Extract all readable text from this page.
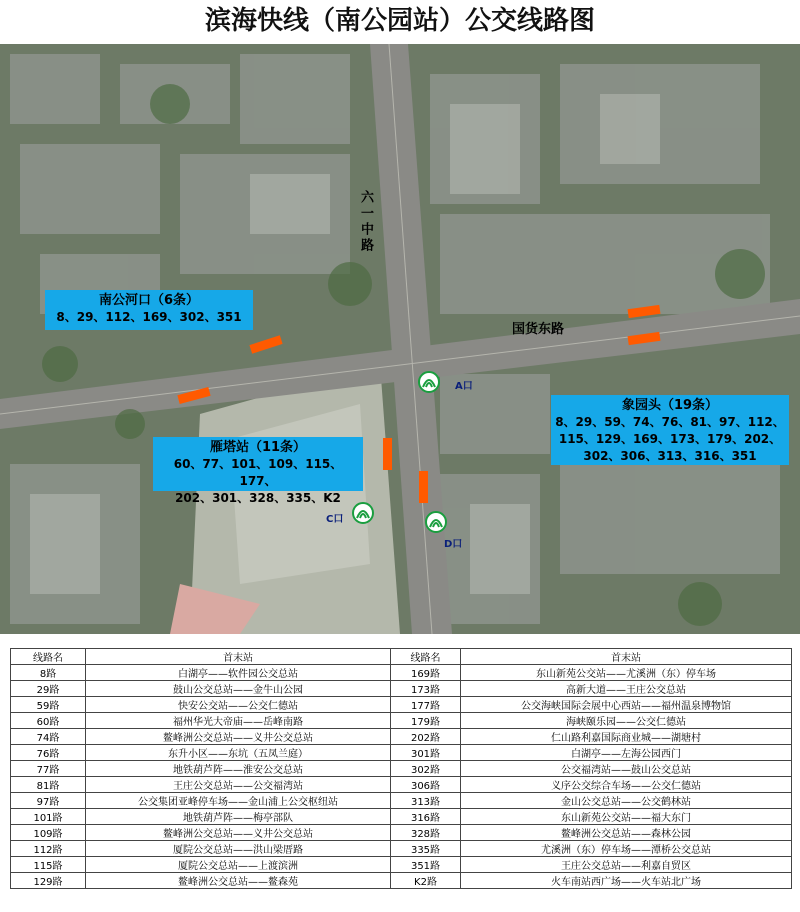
滨海快线（南公园站）公交线路图
六一中路
国货东路
南公河口（6条）
8、29、112、169、302、351
象园头（19条）
8、29、59、74、76、81、97、112、
115、129、169、173、179、202、
302、306、313、316、351
雁塔站（11条）
60、77、101、109、115、177、
202、301、328、335、K2
A口
C口
D口
线路名	首末站	线路名	首末站
8路	白湖亭——软件园公交总站	169路	东山新苑公交站——尤溪洲（东）停车场
29路	鼓山公交总站——金牛山公园	173路	高新大道——王庄公交总站
59路	快安公交站——公交仁德站	177路	公交海峡国际会展中心西站——福州温泉博物馆
60路	福州华光大帝庙——岳峰南路	179路	海峡颐乐园——公交仁德站
74路	鳌峰洲公交总站——义井公交总站	202路	仁山路利嘉国际商业城——湖塘村
76路	东升小区——东坑（五凤兰庭）	301路	白湖亭——左海公园西门
77路	地铁葫芦阵——淮安公交总站	302路	公交福湾站——鼓山公交总站
81路	王庄公交总站——公交福湾站	306路	义序公交综合车场——公交仁德站
97路	公交集团亚峰停车场——金山浦上公交枢纽站	313路	金山公交总站——公交鹤林站
101路	地铁葫芦阵——梅亭部队	316路	东山新苑公交站——福大东门
109路	鳌峰洲公交总站——义井公交总站	328路	鳌峰洲公交总站——森林公园
112路	厦院公交总站——洪山梁厝路	335路	尤溪洲（东）停车场——潭桥公交总站
115路	厦院公交总站——上渡滨洲	351路	王庄公交总站——利嘉自贸区
129路	鳌峰洲公交总站——鳌森苑	K2路	火车南站西广场——火车站北广场
